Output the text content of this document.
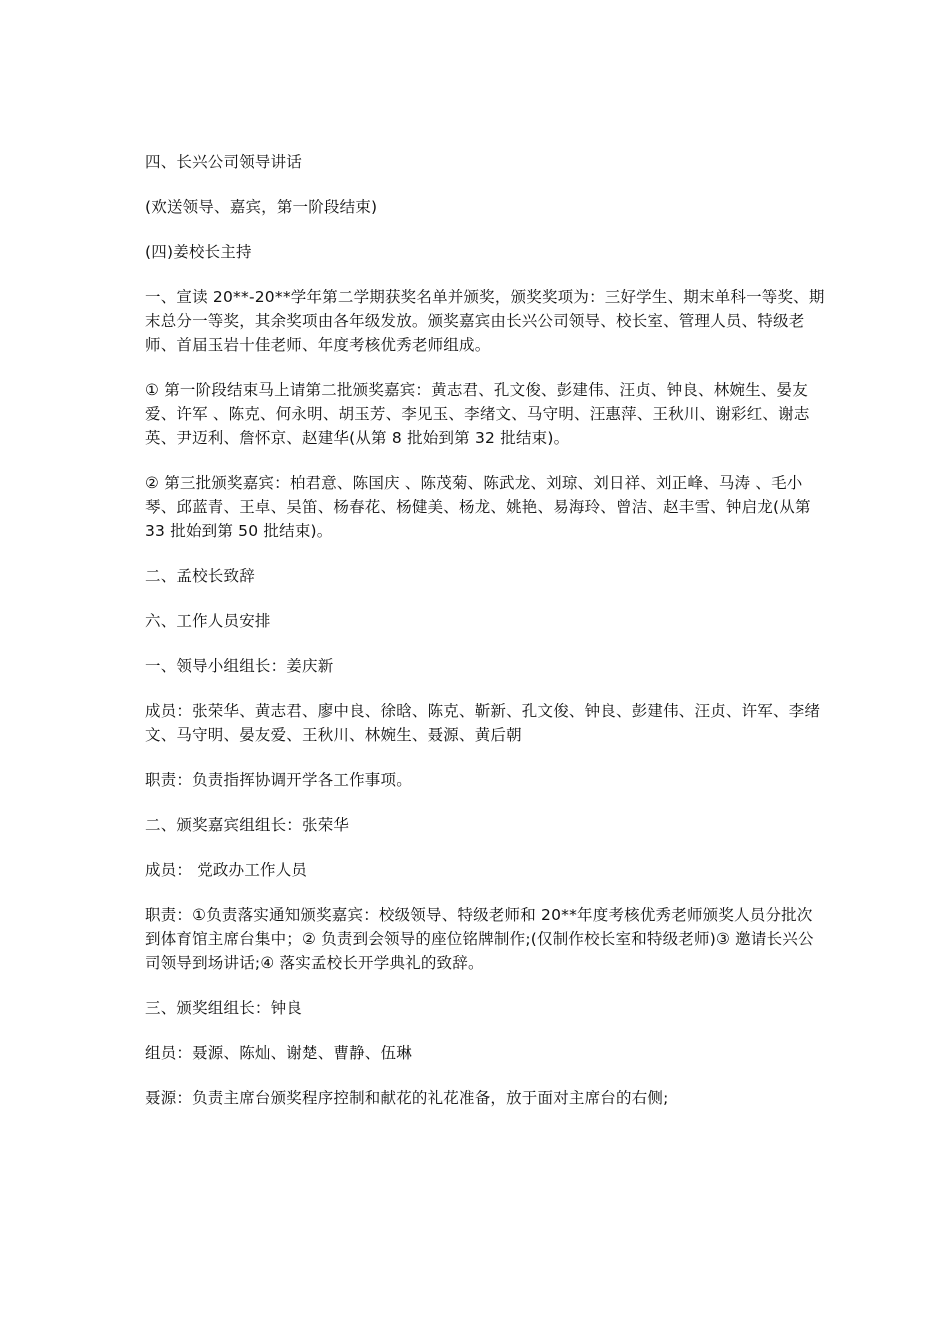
四、长兴公司领导讲话

(欢送领导、嘉宾，第一阶段结束)

(四)姜校长主持

一、宣读 20**-20**学年第二学期获奖名单并颁奖，颁奖奖项为：三好学生、期末单科一等奖、期末总分一等奖，其余奖项由各年级发放。颁奖嘉宾由长兴公司领导、校长室、管理人员、特级老师、首届玉岩十佳老师、年度考核优秀老师组成。

① 第一阶段结束马上请第二批颁奖嘉宾：黄志君、孔文俊、彭建伟、汪贞、钟良、林婉生、晏友爱、许军 、陈克、何永明、胡玉芳、李见玉、李绪文、马守明、汪惠萍、王秋川、谢彩红、谢志英、尹迈利、詹怀京、赵建华(从第 8 批始到第 32 批结束)。

② 第三批颁奖嘉宾：柏君意、陈国庆 、陈茂菊、陈武龙、刘琼、刘日祥、刘正峰、马涛 、毛小琴、邱蓝青、王卓、吴笛、杨春花、杨健美、杨龙、姚艳、易海玲、曾洁、赵丰雪、钟启龙(从第 33 批始到第 50 批结束)。

二、孟校长致辞

六、工作人员安排

一、领导小组组长：姜庆新

成员：张荣华、黄志君、廖中良、徐晗、陈克、靳新、孔文俊、钟良、彭建伟、汪贞、许军、李绪文、马守明、晏友爱、王秋川、林婉生、聂源、黄后朝

职责：负责指挥协调开学各工作事项。

二、颁奖嘉宾组组长：张荣华

成员： 党政办工作人员

职责：①负责落实通知颁奖嘉宾：校级领导、特级老师和 20**年度考核优秀老师颁奖人员分批次到体育馆主席台集中；② 负责到会领导的座位铭牌制作;(仅制作校长室和特级老师)③ 邀请长兴公司领导到场讲话;④ 落实孟校长开学典礼的致辞。

三、颁奖组组长：钟良

组员：聂源、陈灿、谢楚、曹静、伍琳

聂源：负责主席台颁奖程序控制和献花的礼花准备，放于面对主席台的右侧;
